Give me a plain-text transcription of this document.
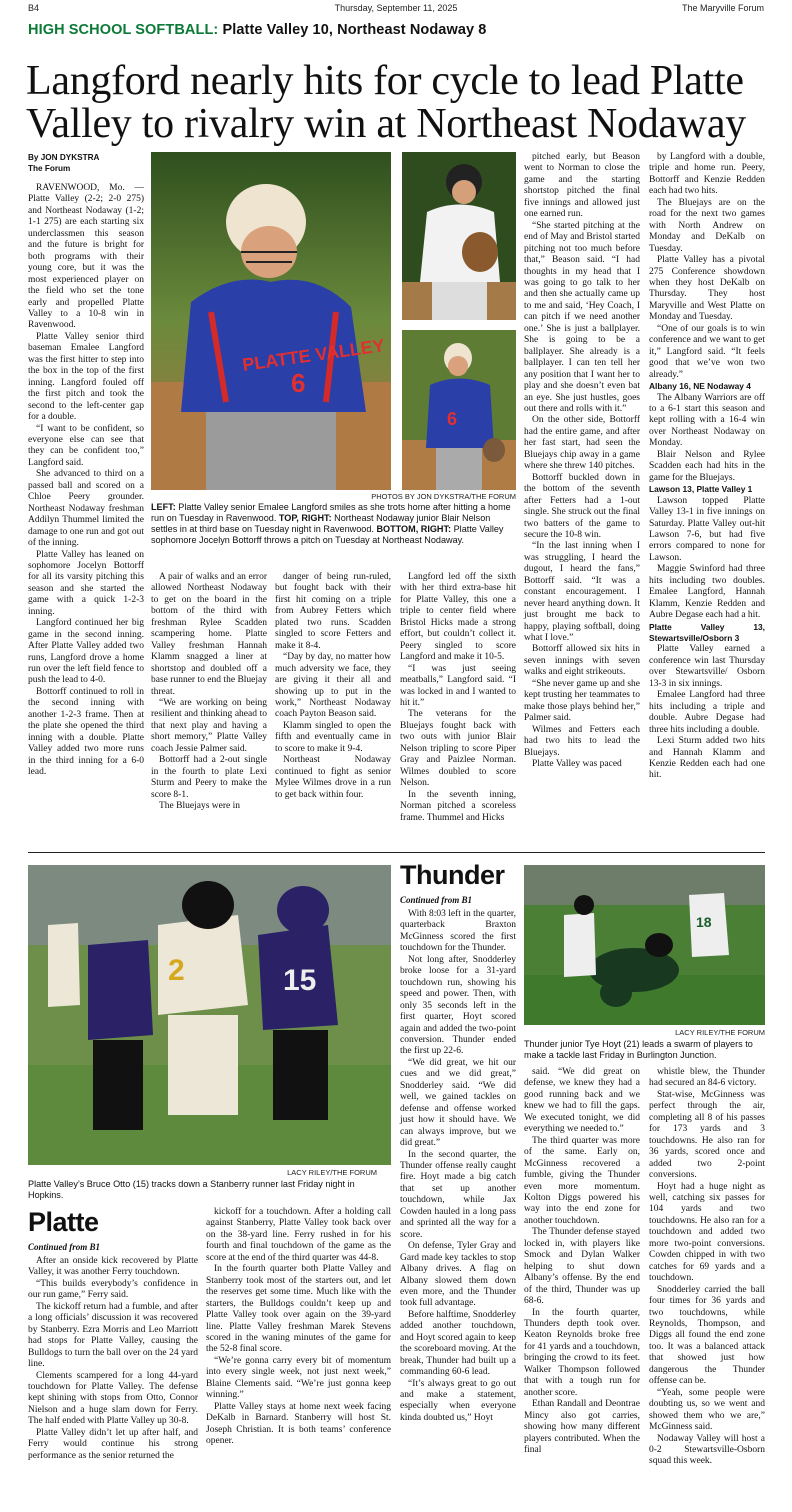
B4	Thursday, September 11, 2025	The Maryville Forum
HIGH SCHOOL SOFTBALL: Platte Valley 10, Northeast Nodaway 8
Langford nearly hits for cycle to lead Platte
Valley to rivalry win at Northeast Nodaway
By JON DYKSTRA
The Forum

RAVENWOOD, Mo. — Platte Valley (2-2; 2-0 275) and Northeast Nodaway (1-2; 1-1 275) are each starting six underclassmen this season and the future is bright for both programs with their young core, but it was the most experienced player on the field who set the tone early and propelled Platte Valley to a 10-8 win in Ravenwood.

Platte Valley senior third baseman Emalee Langford was the first hitter to step into the box in the top of the first inning. Langford fouled off the first pitch and took the second to the left-center gap for a double.

“I want to be confident, so everyone else can see that they can be confident too,” Langford said.

She advanced to third on a passed ball and scored on a Chloe Peery grounder. Northeast Nodaway freshman Addilyn Thummel limited the damage to one run and got out of the inning.

Platte Valley has leaned on sophomore Jocelyn Bottorff for all its varsity pitching this season and she started the game with a quick 1-2-3 inning.

Langford continued her big game in the second inning. After Platte Valley added two runs, Langford drove a home run over the left field fence to push the lead to 4-0.

Bottorff continued to roll in the second inning with another 1-2-3 frame. Then at the plate she opened the third inning with a double. Platte Valley added two more runs in the third inning for a 6-0 lead.

PLATTE VALLEY
6
6
PHOTOS BY JON DYKSTRA/THE FORUM
LEFT: Platte Valley senior Emalee Langford smiles as she trots home after hitting a home run on Tuesday in Ravenwood. TOP, RIGHT: Northeast Nodaway junior Blair Nelson settles in at third base on Tuesday night in Ravenwood. BOTTOM, RIGHT: Platte Valley sophomore Jocelyn Bottorff throws a pitch on Tuesday at Northeast Nodaway.

A pair of walks and an error allowed Northeast Nodaway to get on the board in the bottom of the third with freshman Rylee Scadden scampering home. Platte Valley freshman Hannah Klamm snagged a liner at shortstop and doubled off a base runner to end the Bluejay threat.

“We are working on being resilient and thinking ahead to that next play and having a short memory,” Platte Valley coach Jessie Palmer said.

Bottorff had a 2-out single in the fourth to plate Lexi Sturm and Peery to make the score 8-1.

The Bluejays were in

danger of being run-ruled, but fought back with their first hit coming on a triple from Aubrey Fetters which plated two runs. Scadden singled to score Fetters and make it 8-4.

“Day by day, no matter how much adversity we face, they are giving it their all and showing up to put in the work,” Northeast Nodaway coach Payton Beason said.

Klamm singled to open the fifth and eventually came in to score to make it 9-4.

Northeast Nodaway continued to fight as senior Mylee Wilmes drove in a run to get back within four.

Langford led off the sixth with her third extra-base hit for Platte Valley, this one a triple to center field where Bristol Hicks made a strong effort, but couldn’t collect it. Peery singled to score Langford and make it 10-5.

“I was just seeing meatballs,” Langford said. “I was locked in and I wanted to hit it.”

The veterans for the Bluejays fought back with two outs with junior Blair Nelson tripling to score Piper Gray and Paizlee Norman. Wilmes doubled to score Nelson.

In the seventh inning, Norman pitched a scoreless frame. Thummel and Hicks

pitched early, but Beason went to Norman to close the game and the starting shortstop pitched the final five innings and allowed just one earned run.

“She started pitching at the end of May and Bristol started pitching not too much before that,” Beason said. “I had thoughts in my head that I was going to go talk to her and then she actually came up to me and said, ‘Hey Coach, I can pitch if we need another one.’ She is just a ballplayer. She is going to be a ballplayer. She already is a ballplayer. I can ten tell her any position that I want her to play and she doesn’t even bat an eye. She just hustles, goes out there and rolls with it.”

On the other side, Bottorff had the entire game, and after her fast start, had seen the Bluejays chip away in a game where she threw 140 pitches.

Bottorff buckled down in the bottom of the seventh after Fetters had a 1-out single. She struck out the final two batters of the game to secure the 10-8 win.

“In the last inning when I was struggling, I heard the dugout, I heard the fans,” Bottorff said. “It was a constant encouragement. I never heard anything down. It just brought me back to happy, playing softball, doing what I love.”

Bottorff allowed six hits in seven innings with seven walks and eight strikeouts.

“She never game up and she kept trusting her teammates to make those plays behind her,” Palmer said.

Wilmes and Fetters each had two hits to lead the Bluejays.

Platte Valley was paced

by Langford with a double, triple and home run. Peery, Bottorff and Kenzie Redden each had two hits.

The Bluejays are on the road for the next two games with North Andrew on Monday and DeKalb on Tuesday.

Platte Valley has a pivotal 275 Conference showdown when they host DeKalb on Thursday. They host Maryville and West Platte on Monday and Tuesday.

“One of our goals is to win conference and we want to get it,” Langford said. “It feels good that we’ve won two already.”

Albany 16, NE Nodaway 4

The Albany Warriors are off to a 6-1 start this season and kept rolling with a 16-4 win over Northeast Nodaway on Monday.

Blair Nelson and Rylee Scadden each had hits in the game for the Bluejays.

Lawson 13, Platte Valley 1

Lawson topped Platte Valley 13-1 in five innings on Saturday. Platte Valley out-hit Lawson 7-6, but had five errors compared to none for Lawson.

Maggie Swinford had three hits including two doubles. Emalee Langford, Hannah Klamm, Kenzie Redden and Aubre Degase each had a hit.

Platte Valley 13, Stewartsville/Osborn 3

Platte Valley earned a conference win last Thursday over Stewartsville/ Osborn 13-3 in six innings.

Emalee Langford had three hits including a triple and double. Aubre Degase had three hits including a double.

Lexi Sturm added two hits and Hannah Klamm and Kenzie Redden each had one hit.

2	15
LACY RILEY/THE FORUM
Platte Valley’s Bruce Otto (15) tracks down a Stanberry runner last Friday night in Hopkins.
Platte
Continued from B1

After an onside kick recovered by Platte Valley, it was another Ferry touchdown.

“This builds everybody’s confidence in our run game,” Ferry said.

The kickoff return had a fumble, and after a long officials’ discussion it was recovered by Stanberry. Ezra Morris and Leo Marriott had stops for Platte Valley, causing the Bulldogs to turn the ball over on the 24 yard line.

Clements scampered for a long 44-yard touchdown for Platte Valley. The defense kept shining with stops from Otto, Connor Nielson and a huge slam down for Ferry. The half ended with Platte Valley up 30-8.

Platte Valley didn’t let up after half, and Ferry would continue his strong performance as the senior returned the

kickoff for a touchdown. After a holding call against Stanberry, Platte Valley took back over on the 38-yard line. Ferry rushed in for his fourth and final touchdown of the game as the score at the end of the third quarter was 44-8.

In the fourth quarter both Platte Valley and Stanberry took most of the starters out, and let the reserves get some time. Much like with the starters, the Bulldogs couldn’t keep up and Platte Valley took over again on the 39-yard line. Platte Valley freshman Marek Stevens scored in the waning minutes of the game for the 52-8 final score.

“We’re gonna carry every bit of momentum into every single week, not just next week,” Blaine Clements said. “We’re just gonna keep winning.”

Platte Valley stays at home next week facing DeKalb in Barnard. Stanberry will host St. Joseph Christian. It is both teams’ conference opener.

Thunder
Continued from B1

With 8:03 left in the quarter, quarterback Braxton McGinness scored the first touchdown for the Thunder.

Not long after, Snodderley broke loose for a 31-yard touchdown run, showing his speed and power. Then, with only 35 seconds left in the first quarter, Hoyt scored again and added the two-point conversion. Thunder ended the first up 22-6.

“We did great, we hit our cues and we did great,” Snodderley said. “We did well, we gained tackles on defense and offense worked just how it should have. We can always improve, but we did great.”

In the second quarter, the Thunder offense really caught fire. Hoyt made a big catch that set up another touchdown, while Jax Cowden hauled in a long pass and sprinted all the way for a score.

On defense, Tyler Gray and Gard made key tackles to stop Albany drives. A flag on Albany slowed them down even more, and the Thunder took full advantage.

Before halftime, Snodderley added another touchdown, and Hoyt scored again to keep the scoreboard moving. At the break, Thunder had built up a commanding 60-6 lead.

“It’s always great to go out and make a statement, especially when everyone kinda doubted us,” Hoyt

18
LACY RILEY/THE FORUM
Thunder junior Tye Hoyt (21) leads a swarm of players to make a tackle last Friday in Burlington Junction.

said. “We did great on defense, we knew they had a good running back and we knew we had to fill the gaps. We executed tonight, we did everything we needed to.”

The third quarter was more of the same. Early on, McGinness recovered a fumble, giving the Thunder even more momentum. Kolton Diggs powered his way into the end zone for another touchdown.

The Thunder defense stayed locked in, with players like Smock and Dylan Walker helping to shut down Albany’s offense. By the end of the third, Thunder was up 68-6.

In the fourth quarter, Thunders depth took over. Keaton Reynolds broke free for 41 yards and a touchdown, bringing the crowd to its feet. Walker Thompson followed that with a tough run for another score.

Ethan Randall and Deontrae Mincy also got carries, showing how many different players contributed. When the final

whistle blew, the Thunder had secured an 84-6 victory.

Stat-wise, McGinness was perfect through the air, completing all 8 of his passes for 173 yards and 3 touchdowns. He also ran for 36 yards, scored once and added two 2-point conversions.

Hoyt had a huge night as well, catching six passes for 104 yards and two touchdowns. He also ran for a touchdown and added two more two-point conversions. Cowden chipped in with two catches for 69 yards and a touchdown.

Snodderley carried the ball four times for 36 yards and two touchdowns, while Reynolds, Thompson, and Diggs all found the end zone too. It was a balanced attack that showed just how dangerous the Thunder offense can be.

“Yeah, some people were doubting us, so we went and showed them who we are,” McGinness said.

Nodaway Valley will host a 0-2 Stewartsville-Osborn squad this week.
